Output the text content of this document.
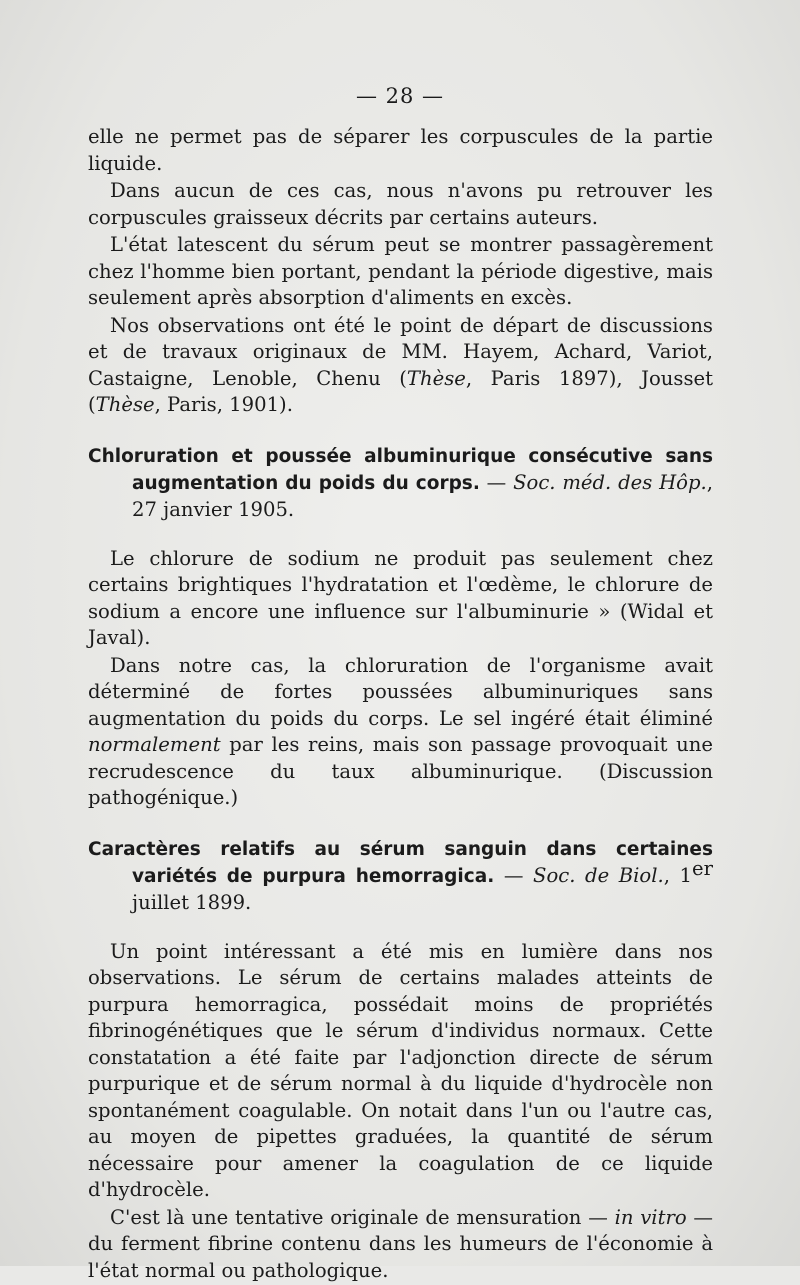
— 28 —

elle ne permet pas de séparer les corpuscules de la partie liquide.

Dans aucun de ces cas, nous n'avons pu retrouver les corpuscules graisseux décrits par certains auteurs.

L'état latescent du sérum peut se montrer passagèrement chez l'homme bien portant, pendant la période digestive, mais seulement après absorption d'aliments en excès.

Nos observations ont été le point de départ de discussions et de travaux originaux de MM. Hayem, Achard, Variot, Castaigne, Lenoble, Chenu (Thèse, Paris 1897), Jousset (Thèse, Paris, 1901).

Chloruration et poussée albuminurique consécutive sans augmentation du poids du corps. — Soc. méd. des Hôp., 27 janvier 1905.

Le chlorure de sodium ne produit pas seulement chez certains brightiques l'hydratation et l'œdème, le chlorure de sodium a encore une influence sur l'albuminurie » (Widal et Javal).

Dans notre cas, la chloruration de l'organisme avait déterminé de fortes poussées albuminuriques sans augmentation du poids du corps. Le sel ingéré était éliminé normalement par les reins, mais son passage provoquait une recrudescence du taux albuminurique. (Discussion pathogénique.)

Caractères relatifs au sérum sanguin dans certaines variétés de purpura hemorragica. — Soc. de Biol., 1er juillet 1899.

Un point intéressant a été mis en lumière dans nos observations. Le sérum de certains malades atteints de purpura hemorragica, possédait moins de propriétés fibrinogénétiques que le sérum d'individus normaux. Cette constatation a été faite par l'adjonction directe de sérum purpurique et de sérum normal à du liquide d'hydrocèle non spontanément coagulable. On notait dans l'un ou l'autre cas, au moyen de pipettes graduées, la quantité de sérum nécessaire pour amener la coagulation de ce liquide d'hydrocèle.

C'est là une tentative originale de mensuration — in vitro — du ferment fibrine contenu dans les humeurs de l'économie à l'état normal ou pathologique.
